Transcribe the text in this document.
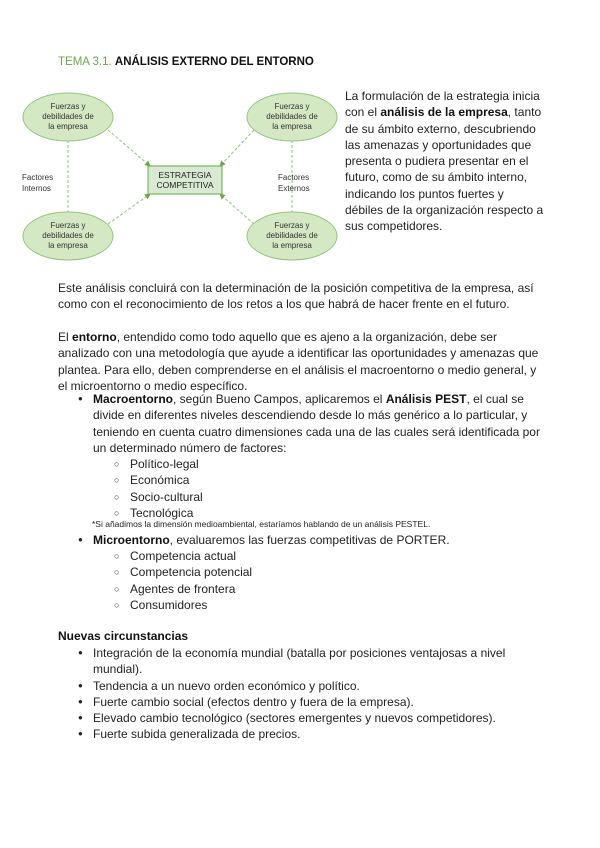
TEMA 3.1. ANÁLISIS EXTERNO DEL ENTORNO
Fuerzas y debilidades de la empresa
Fuerzas y debilidades de la empresa
Fuerzas y debilidades de la empresa
Fuerzas y debilidades de la empresa
ESTRATEGIA COMPETITIVA
Factores Internos
Factores Externos
La formulación de la estrategia inicia con el análisis de la empresa, tanto de su ámbito externo, descubriendo las amenazas y oportunidades que presenta o pudiera presentar en el futuro, como de su ámbito interno, indicando los puntos fuertes y débiles de la organización respecto a sus competidores.
Este análisis concluirá con la determinación de la posición competitiva de la empresa, así como con el reconocimiento de los retos a los que habrá de hacer frente en el futuro.
El entorno, entendido como todo aquello que es ajeno a la organización, debe ser analizado con una metodología que ayude a identificar las oportunidades y amenazas que plantea. Para ello, deben comprenderse en el análisis el macroentorno o medio general, y el microentorno o medio específico.
● Macroentorno, según Bueno Campos, aplicaremos el Análisis PEST, el cual se divide en diferentes niveles descendiendo desde lo más genérico a lo particular, y teniendo en cuenta cuatro dimensiones cada una de las cuales será identificada por un determinado número de factores:
○ Político-legal
○ Económica
○ Socio-cultural
○ Tecnológica
*Si añadimos la dimensión medioambiental, estaríamos hablando de un análisis PESTEL.
● Microentorno, evaluaremos las fuerzas competitivas de PORTER.
○ Competencia actual
○ Competencia potencial
○ Agentes de frontera
○ Consumidores
Nuevas circunstancias
● Integración de la economía mundial (batalla por posiciones ventajosas a nivel mundial).
● Tendencia a un nuevo orden económico y político.
● Fuerte cambio social (efectos dentro y fuera de la empresa).
● Elevado cambio tecnológico (sectores emergentes y nuevos competidores).
● Fuerte subida generalizada de precios.
